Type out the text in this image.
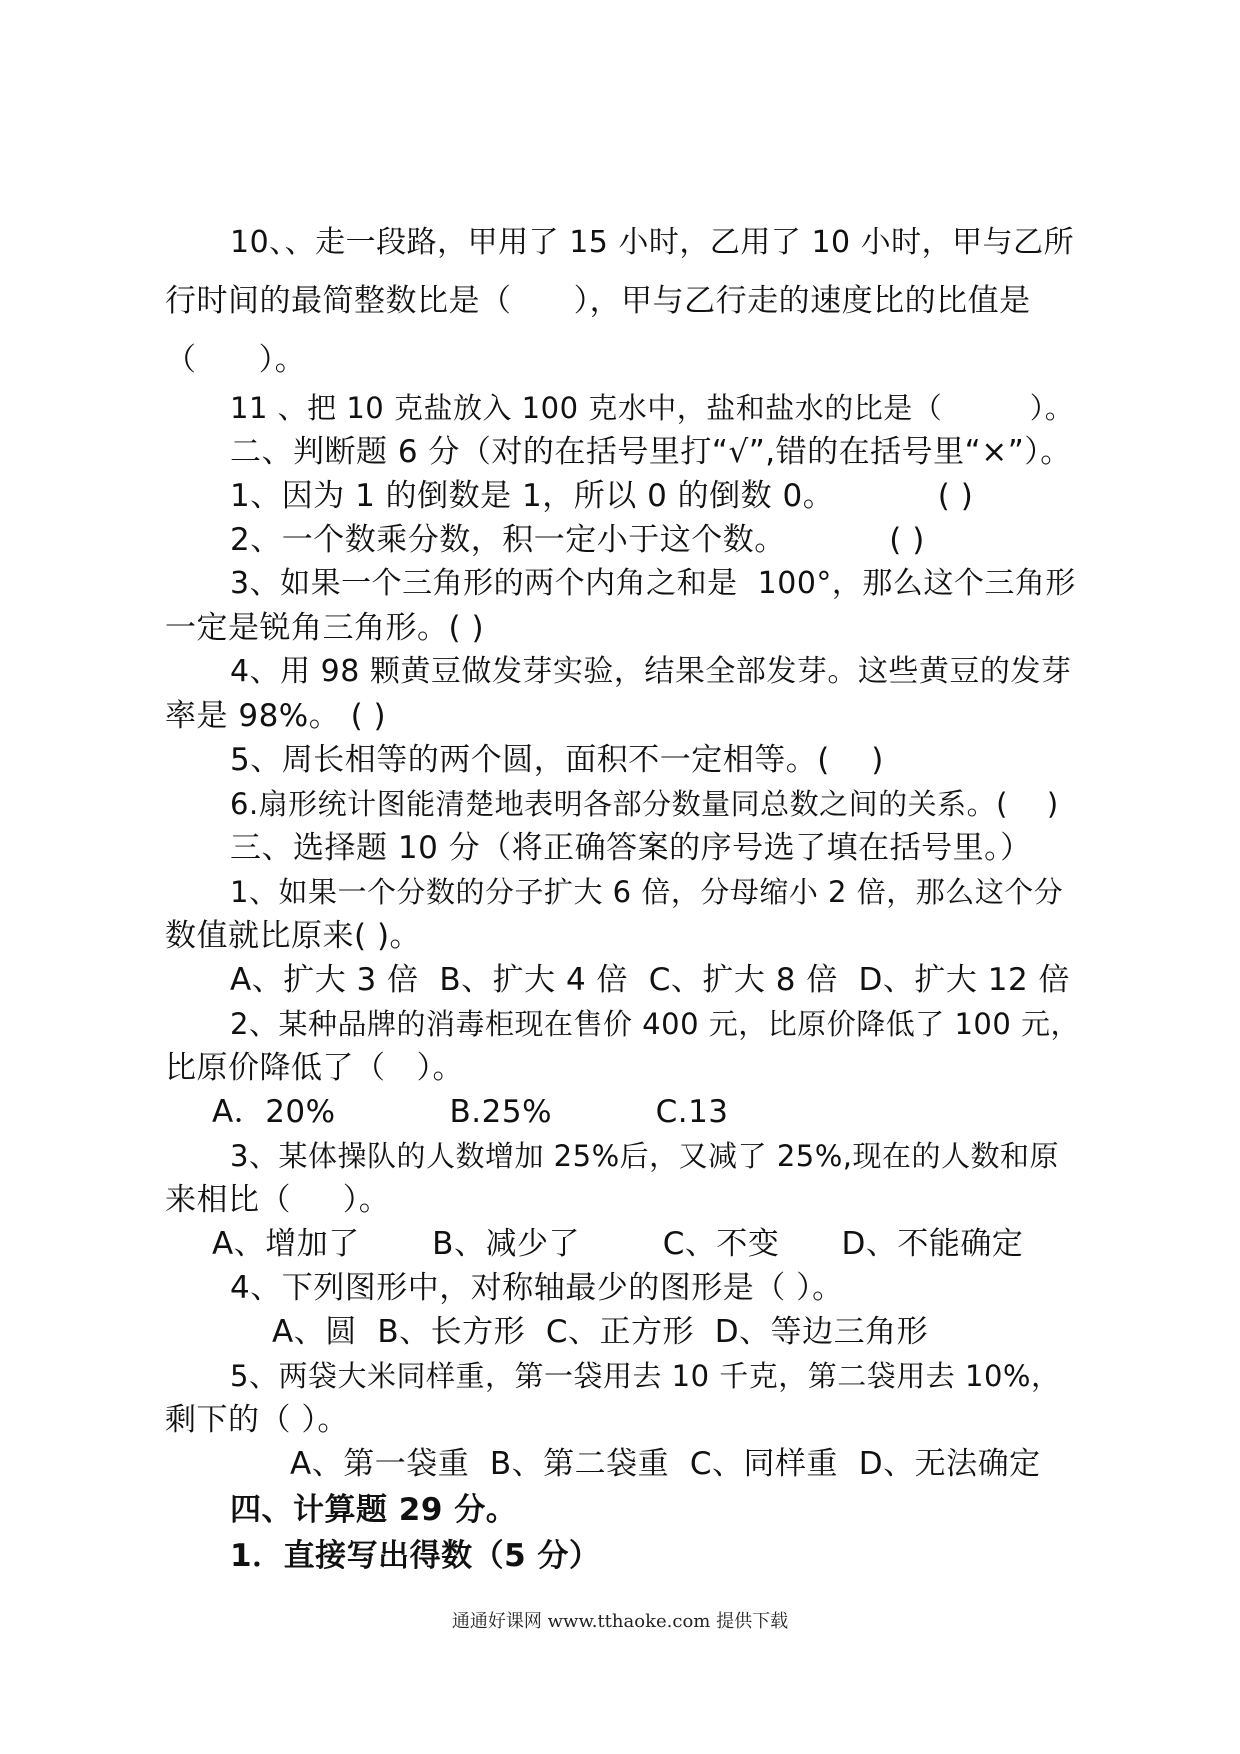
10、、走一段路，甲用了 15 小时，乙用了 10 小时，甲与乙所
行时间的最简整数比是（      ），甲与乙行走的速度比的比值是
（      ）。
11 、把 10 克盐放入 100 克水中，盐和盐水的比是（         ）。
二、判断题 6 分（对的在括号里打“√”,错的在括号里“×”）。
1、因为 1 的倒数是 1，所以 0 的倒数 0。          ( )
2、一个数乘分数，积一定小于这个数。          ( )
3、如果一个三角形的两个内角之和是  100°，那么这个三角形
一定是锐角三角形。( )
4、用 98 颗黄豆做发芽实验，结果全部发芽。这些黄豆的发芽
率是 98%。 ( )
5、周长相等的两个圆，面积不一定相等。(    )
6.扇形统计图能清楚地表明各部分数量同总数之间的关系。(    )
三、选择题 10 分（将正确答案的序号选了填在括号里。）
1、如果一个分数的分子扩大 6 倍，分母缩小 2 倍，那么这个分
数值就比原来( )。
A、扩大 3 倍  B、扩大 4 倍  C、扩大 8 倍  D、扩大 12 倍
2、某种品牌的消毒柜现在售价 400 元，比原价降低了 100 元，
比原价降低了（   ）。
A．20%           B.25%          C.13
3、某体操队的人数增加 25%后，又减了 25%,现在的人数和原
来相比（     ）。
A、增加了       B、减少了        C、不变      D、不能确定
4、下列图形中，对称轴最少的图形是（ ）。
A、圆  B、长方形  C、正方形  D、等边三角形
5、两袋大米同样重，第一袋用去 10 千克，第二袋用去 10%，
剩下的（ ）。
A、第一袋重  B、第二袋重  C、同样重  D、无法确定
四、计算题 29 分。
1．直接写出得数（5 分）
通通好课网 www.tthaoke.com 提供下载
